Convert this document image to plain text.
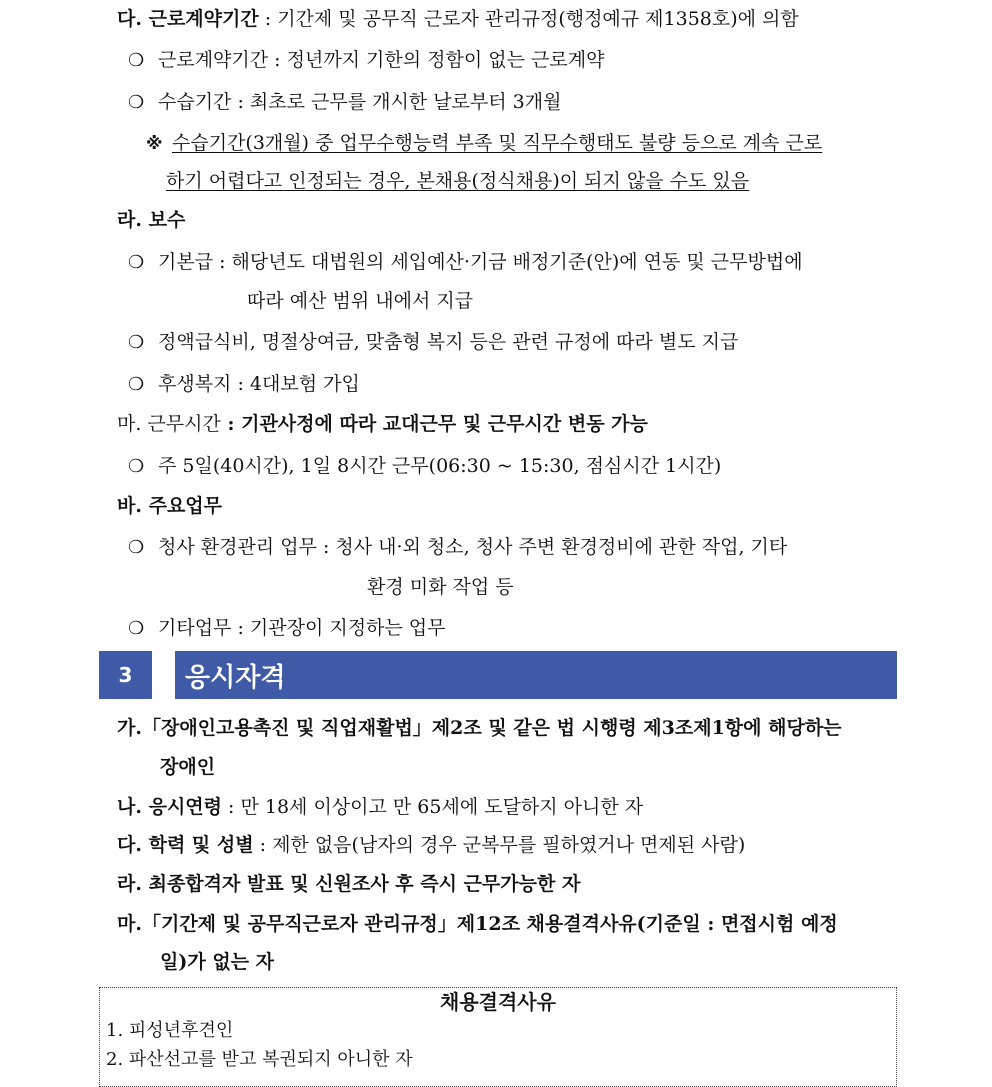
다. 근로계약기간 : 기간제 및 공무직 근로자 관리규정(행정예규 제1358호)에 의함
❍ 근로계약기간 : 정년까지 기한의 정함이 없는 근로계약
❍ 수습기간 : 최초로 근무를 개시한 날로부터 3개월
※ 수습기간(3개월) 중 업무수행능력 부족 및 직무수행태도 불량 등으로 계속 근로
하기 어렵다고 인정되는 경우, 본채용(정식채용)이 되지 않을 수도 있음
라. 보수
❍ 기본급 : 해당년도 대법원의 세입예산·기금 배정기준(안)에 연동 및 근무방법에
따라 예산 범위 내에서 지급
❍ 정액급식비, 명절상여금, 맞춤형 복지 등은 관련 규정에 따라 별도 지급
❍ 후생복지 : 4대보험 가입
마. 근무시간 : 기관사정에 따라 교대근무 및 근무시간 변동 가능
❍ 주 5일(40시간), 1일 8시간 근무(06:30 ~ 15:30, 점심시간 1시간)
바. 주요업무
❍ 청사 환경관리 업무 : 청사 내·외 청소, 청사 주변 환경정비에 관한 작업, 기타
환경 미화 작업 등
❍ 기타업무 : 기관장이 지정하는 업무
3	응시자격
가.「장애인고용촉진 및 직업재활법」제2조 및 같은 법 시행령 제3조제1항에 해당하는
장애인
나. 응시연령 : 만 18세 이상이고 만 65세에 도달하지 아니한 자
다. 학력 및 성별 : 제한 없음(남자의 경우 군복무를 필하였거나 면제된 사람)
라. 최종합격자 발표 및 신원조사 후 즉시 근무가능한 자
마.「기간제 및 공무직근로자 관리규정」제12조 채용결격사유(기준일 : 면접시험 예정
일)가 없는 자
채용결격사유
1. 피성년후견인
2. 파산선고를 받고 복권되지 아니한 자
